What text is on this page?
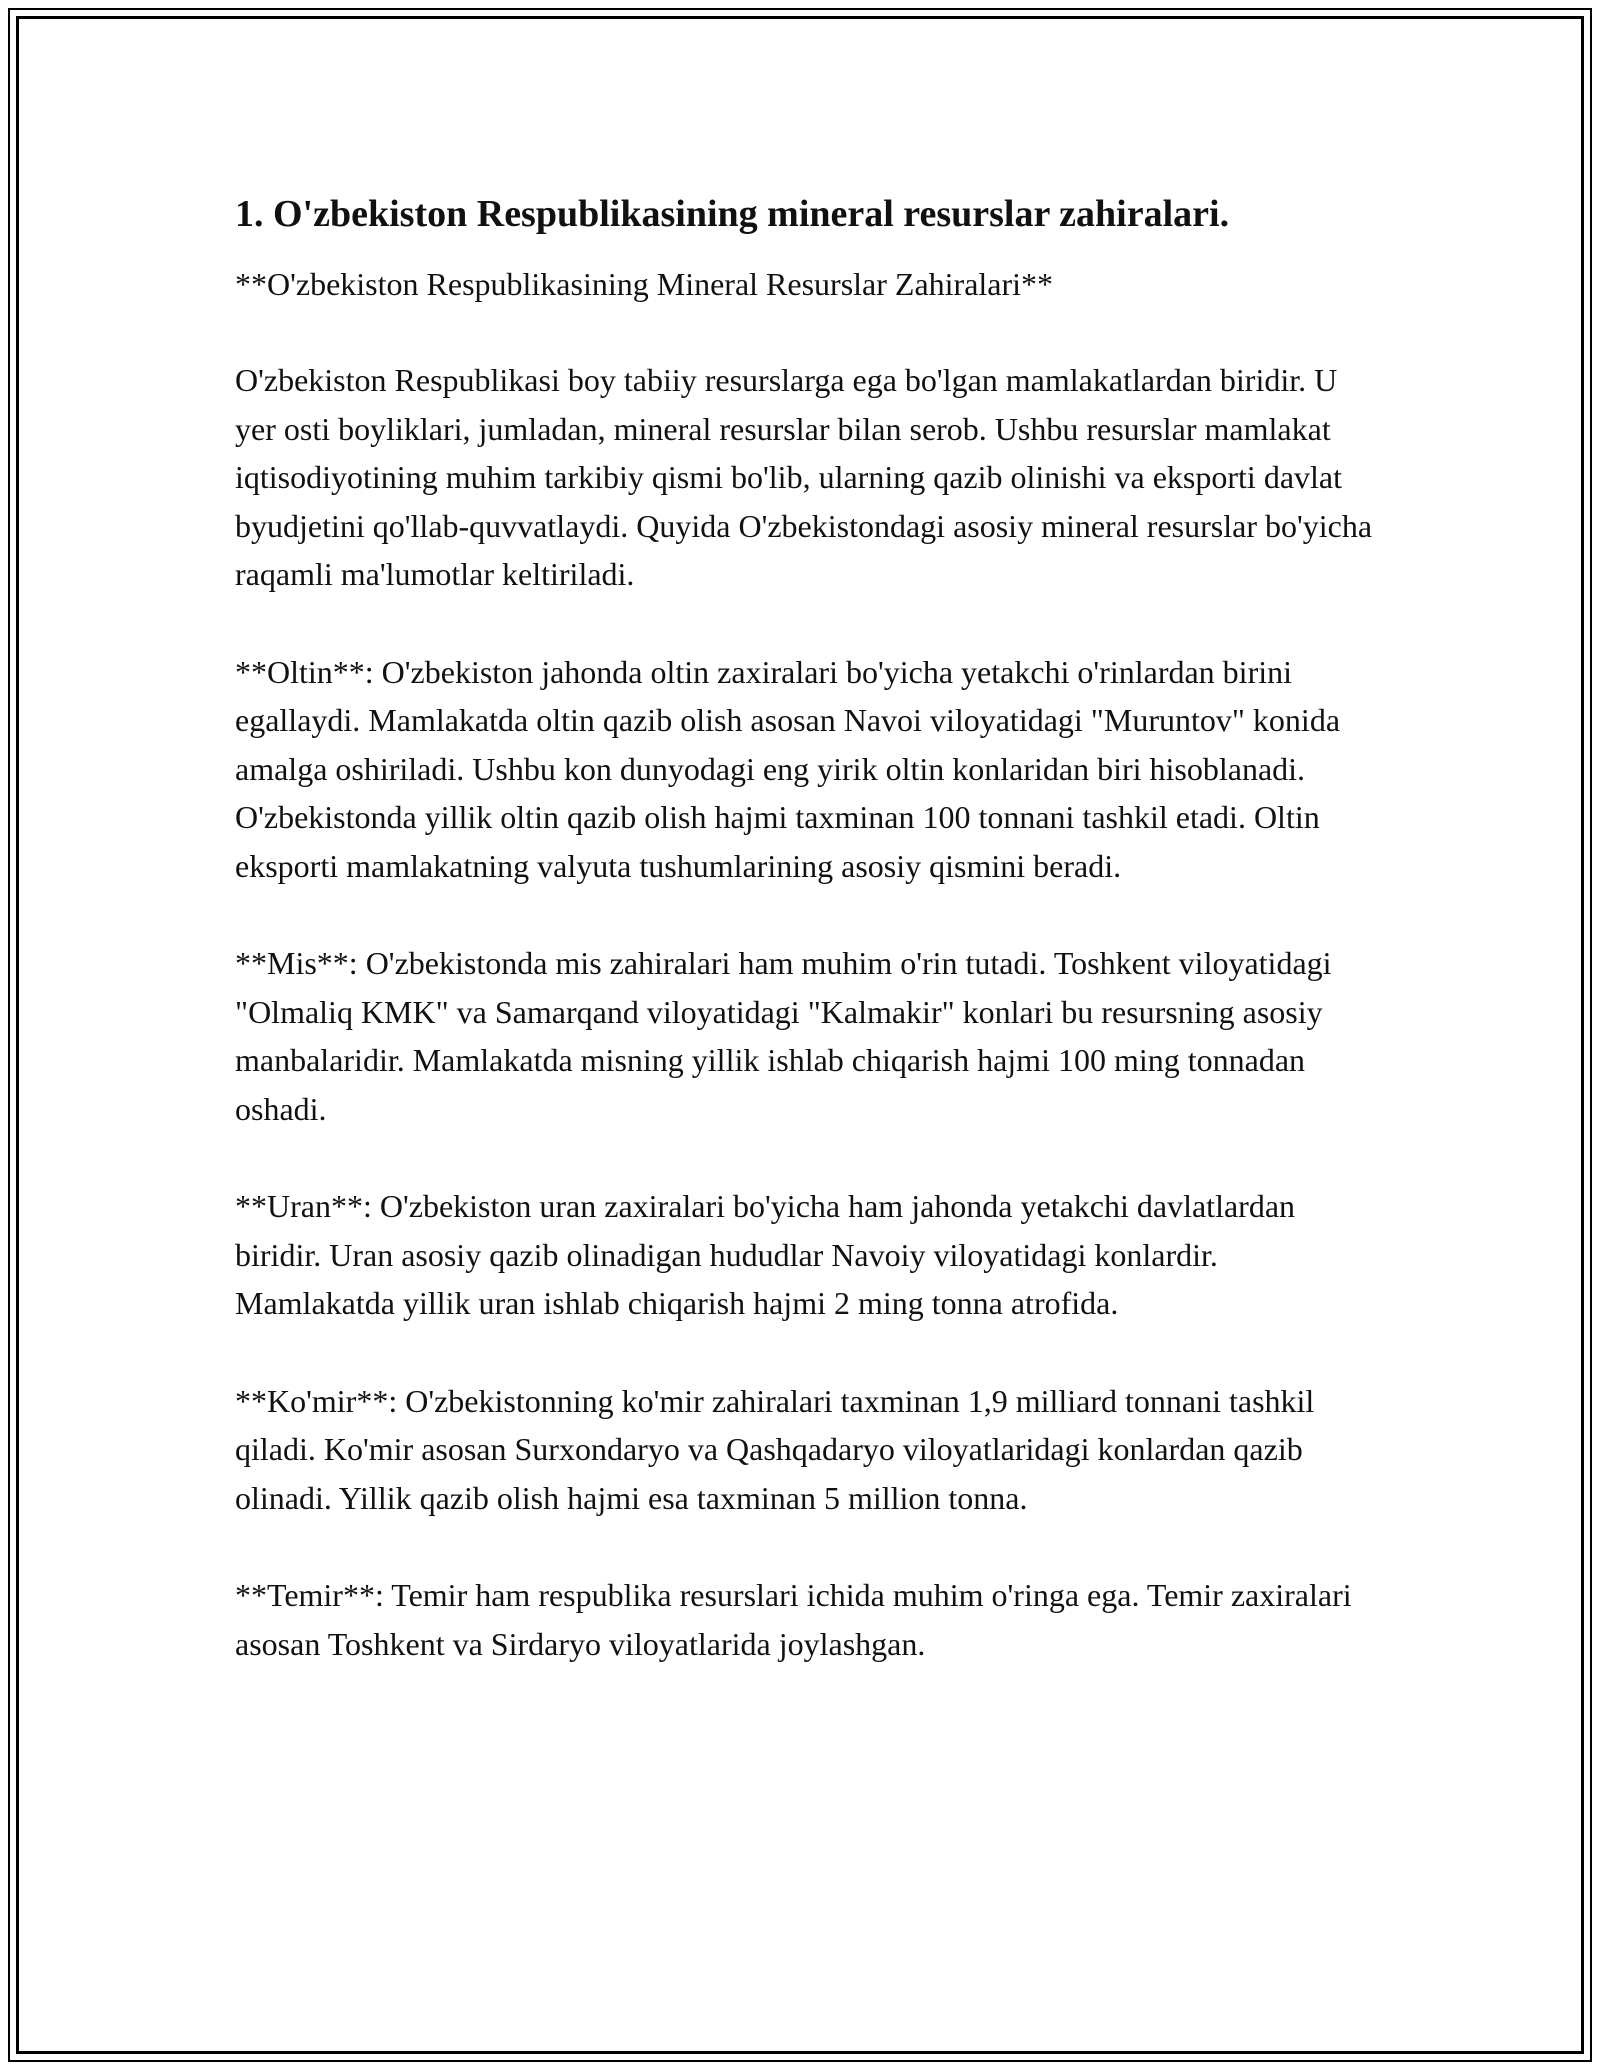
1. O'zbekiston Respublikasining mineral resurslar zahiralari.

**O'zbekiston Respublikasining Mineral Resurslar Zahiralari**

O'zbekiston Respublikasi boy tabiiy resurslarga ega bo'lgan mamlakatlardan biridir. U yer osti boyliklari, jumladan, mineral resurslar bilan serob. Ushbu resurslar mamlakat iqtisodiyotining muhim tarkibiy qismi bo'lib, ularning qazib olinishi va eksporti davlat byudjetini qo'llab-quvvatlaydi. Quyida O'zbekistondagi asosiy mineral resurslar bo'yicha raqamli ma'lumotlar keltiriladi.

**Oltin**: O'zbekiston jahonda oltin zaxiralari bo'yicha yetakchi o'rinlardan birini egallaydi. Mamlakatda oltin qazib olish asosan Navoi viloyatidagi "Muruntov" konida amalga oshiriladi. Ushbu kon dunyodagi eng yirik oltin konlaridan biri hisoblanadi. O'zbekistonda yillik oltin qazib olish hajmi taxminan 100 tonnani tashkil etadi. Oltin eksporti mamlakatning valyuta tushumlarining asosiy qismini beradi.

**Mis**: O'zbekistonda mis zahiralari ham muhim o'rin tutadi. Toshkent viloyatidagi "Olmaliq KMK" va Samarqand viloyatidagi "Kalmakir" konlari bu resursning asosiy manbalaridir. Mamlakatda misning yillik ishlab chiqarish hajmi 100 ming tonnadan oshadi.

**Uran**: O'zbekiston uran zaxiralari bo'yicha ham jahonda yetakchi davlatlardan biridir. Uran asosiy qazib olinadigan hududlar Navoiy viloyatidagi konlardir. Mamlakatda yillik uran ishlab chiqarish hajmi 2 ming tonna atrofida.

**Ko'mir**: O'zbekistonning ko'mir zahiralari taxminan 1,9 milliard tonnani tashkil qiladi. Ko'mir asosan Surxondaryo va Qashqadaryo viloyatlaridagi konlardan qazib olinadi. Yillik qazib olish hajmi esa taxminan 5 million tonna.

**Temir**: Temir ham respublika resurslari ichida muhim o'ringa ega. Temir zaxiralari asosan Toshkent va Sirdaryo viloyatlarida joylashgan.
